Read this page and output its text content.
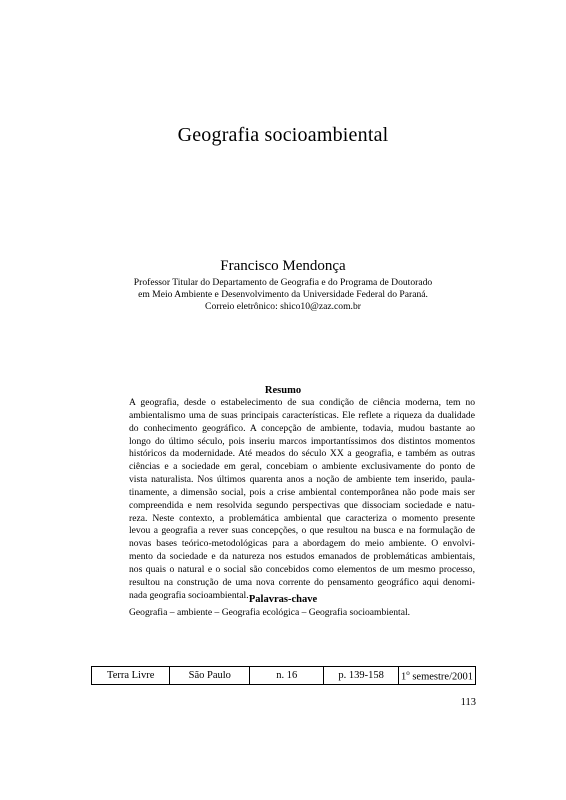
Geografia socioambiental
Francisco Mendonça
Professor Titular do Departamento de Geografia e do Programa de Doutorado
em Meio Ambiente e Desenvolvimento da Universidade Federal do Paraná.
Correio eletrônico: shico10@zaz.com.br
Resumo
A geografia, desde o estabelecimento de sua condição de ciência moderna, tem no
ambientalismo uma de suas principais características. Ele reflete a riqueza da dualidade
do conhecimento geográfico. A concepção de ambiente, todavia, mudou bastante ao
longo do último século, pois inseriu marcos importantíssimos dos distintos momentos
históricos da modernidade. Até meados do século XX a geografia, e também as outras
ciências e a sociedade em geral, concebiam o ambiente exclusivamente do ponto de
vista naturalista. Nos últimos quarenta anos a noção de ambiente tem inserido, paula-
tinamente, a dimensão social, pois a crise ambiental contemporânea não pode mais ser
compreendida e nem resolvida segundo perspectivas que dissociam sociedade e natu-
reza. Neste contexto, a problemática ambiental que caracteriza o momento presente
levou a geografia a rever suas concepções, o que resultou na busca e na formulação de
novas bases teórico-metodológicas para a abordagem do meio ambiente. O envolvi-
mento da sociedade e da natureza nos estudos emanados de problemáticas ambientais,
nos quais o natural e o social são concebidos como elementos de um mesmo processo,
resultou na construção de uma nova corrente do pensamento geográfico aqui denomi-
nada geografia socioambiental. Palavras-chave
Geografia – ambiente – Geografia ecológica – Geografia socioambiental.
Terra Livre	São Paulo	n. 16	p. 139-158	1$^o$ semestre/2001
113
